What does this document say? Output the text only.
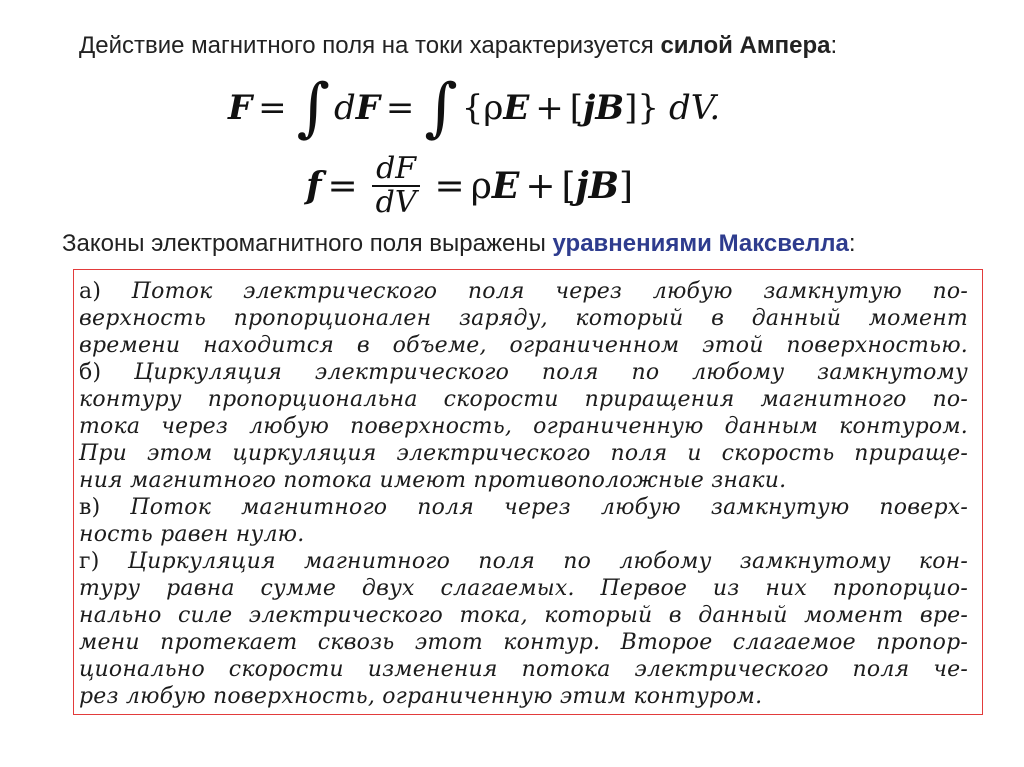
Действие магнитного поля на токи характеризуется силой Ампера:
F = ∫ d F = ∫ {ρ E + [ jB ]} dV.
$f = \frac{dF}{dV} = \rho$ E + [ jB ]
Законы электромагнитного поля выражены уравнениями Максвелла:
а) Поток электрического поля через любую замкнутую по-
верхность пропорционален заряду, который в данный момент
времени находится в объеме, ограниченном этой поверхностью.
б) Циркуляция электрического поля по любому замкнутому
контуру пропорциональна скорости приращения магнитного по-
тока через любую поверхность, ограниченную данным контуром.
При этом циркуляция электрического поля и скорость прираще-
ния магнитного потока имеют противоположные знаки.
в) Поток магнитного поля через любую замкнутую поверх-
ность равен нулю.
г) Циркуляция магнитного поля по любому замкнутому кон-
туру равна сумме двух слагаемых. Первое из них пропорцио-
нально силе электрического тока, который в данный момент вре-
мени протекает сквозь этот контур. Второе слагаемое пропор-
ционально скорости изменения потока электрического поля че-
рез любую поверхность, ограниченную этим контуром.
